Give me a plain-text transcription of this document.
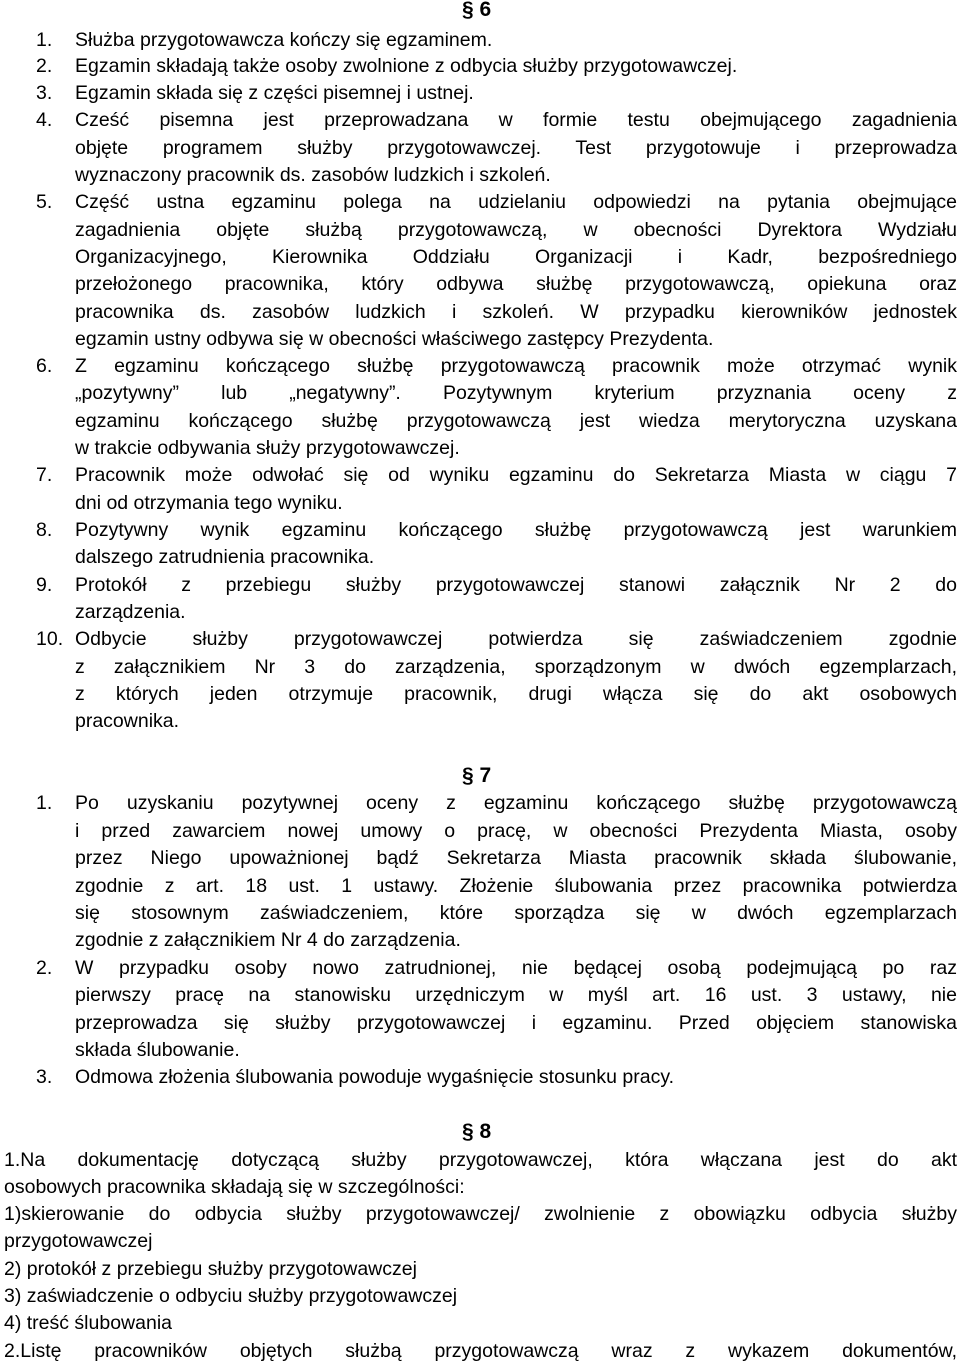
§ 6
1. Służba przygotowawcza kończy się egzaminem.
2. Egzamin składają także osoby zwolnione z odbycia służby przygotowawczej.
3. Egzamin składa się z części pisemnej i ustnej.
4. Cześć pisemna jest przeprowadzana w formie testu obejmującego zagadnienia
objęte programem służby przygotowawczej. Test przygotowuje i przeprowadza
wyznaczony pracownik ds. zasobów ludzkich i szkoleń.
5. Część ustna egzaminu polega na udzielaniu odpowiedzi na pytania obejmujące
zagadnienia objęte służbą przygotowawczą, w obecności Dyrektora Wydziału
Organizacyjnego, Kierownika Oddziału Organizacji i Kadr, bezpośredniego
przełożonego pracownika, który odbywa służbę przygotowawczą, opiekuna oraz
pracownika ds. zasobów ludzkich i szkoleń. W przypadku kierowników jednostek
egzamin ustny odbywa się w obecności właściwego zastępcy Prezydenta.
6. Z egzaminu kończącego służbę przygotowawczą pracownik może otrzymać wynik
„pozytywny” lub „negatywny”. Pozytywnym kryterium przyznania oceny z
egzaminu kończącego służbę przygotowawczą jest wiedza merytoryczna uzyskana
w trakcie odbywania służy przygotowawczej.
7. Pracownik może odwołać się od wyniku egzaminu do Sekretarza Miasta w ciągu 7
dni od otrzymania tego wyniku.
8. Pozytywny wynik egzaminu kończącego służbę przygotowawczą jest warunkiem
dalszego zatrudnienia pracownika.
9. Protokół z przebiegu służby przygotowawczej stanowi załącznik Nr 2 do
zarządzenia.
10. Odbycie służby przygotowawczej potwierdza się zaświadczeniem zgodnie
z załącznikiem Nr 3 do zarządzenia, sporządzonym w dwóch egzemplarzach,
z których jeden otrzymuje pracownik, drugi włącza się do akt osobowych
pracownika.
§ 7
1. Po uzyskaniu pozytywnej oceny z egzaminu kończącego służbę przygotowawczą
i przed zawarciem nowej umowy o pracę, w obecności Prezydenta Miasta, osoby
przez Niego upoważnionej bądź Sekretarza Miasta pracownik składa ślubowanie,
zgodnie z art. 18 ust. 1 ustawy. Złożenie ślubowania przez pracownika potwierdza
się stosownym zaświadczeniem, które sporządza się w dwóch egzemplarzach
zgodnie z załącznikiem Nr 4 do zarządzenia.
2. W przypadku osoby nowo zatrudnionej, nie będącej osobą podejmującą po raz
pierwszy pracę na stanowisku urzędniczym w myśl art. 16 ust. 3 ustawy, nie
przeprowadza się służby przygotowawczej i egzaminu. Przed objęciem stanowiska
składa ślubowanie.
3. Odmowa złożenia ślubowania powoduje wygaśnięcie stosunku pracy.
§ 8
1.Na dokumentację dotyczącą służby przygotowawczej, która włączana jest do akt
osobowych pracownika składają się w szczególności:
1)skierowanie do odbycia służby przygotowawczej/ zwolnienie z obowiązku odbycia służby
przygotowawczej
2) protokół z przebiegu służby przygotowawczej
3) zaświadczenie o odbyciu służby przygotowawczej
4) treść ślubowania
2.Listę pracowników objętych służbą przygotowawczą wraz z wykazem dokumentów,
